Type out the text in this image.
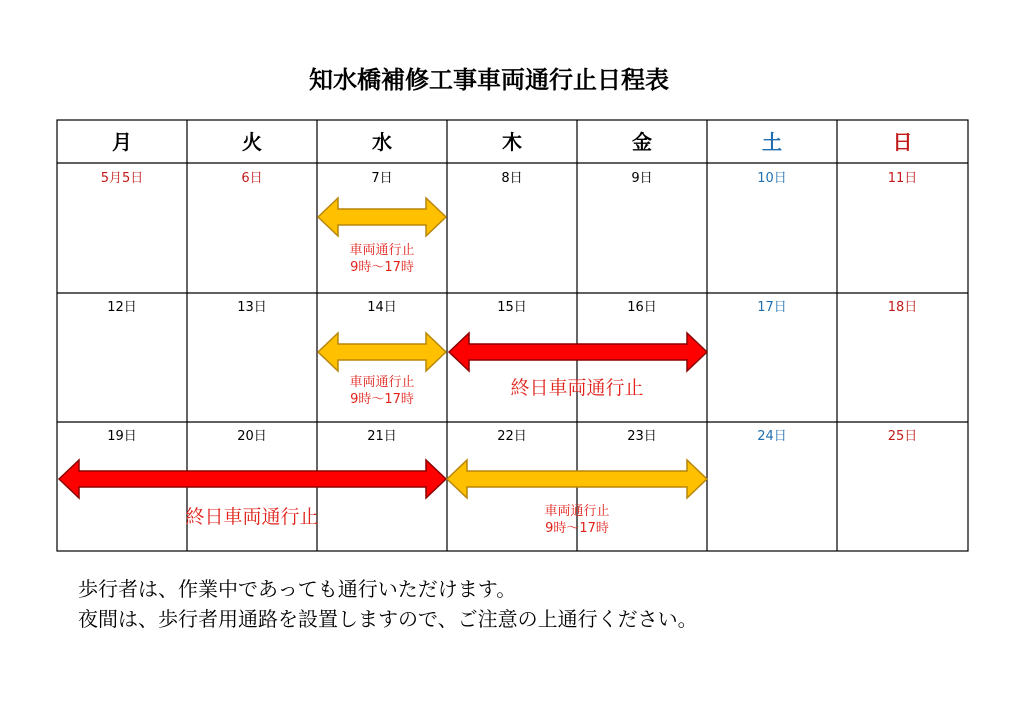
知水橋補修工事車両通行止日程表
月	火	水	木	金	土	日
5月5日	6日	7日	8日	9日	10日	11日
12日	13日	14日	15日	16日	17日	18日
19日	20日	21日	22日	23日	24日	25日
車両通行止
9時～17時
車両通行止
9時～17時
終日車両通行止
終日車両通行止	車両通行止
9時～17時
歩行者は、作業中であっても通行いただけます。
夜間は、歩行者用通路を設置しますので、ご注意の上通行ください。
